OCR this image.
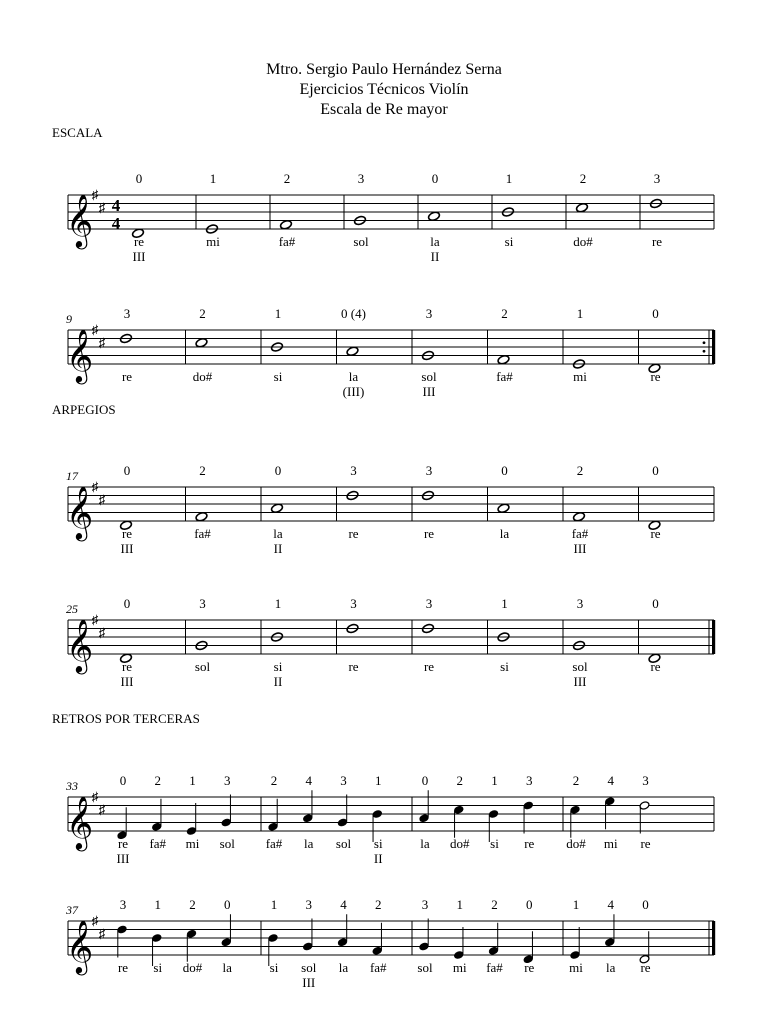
Mtro. Sergio Paulo Hernández Serna
Ejercicios Técnicos Violín
Escala de Re mayor
ESCALA
ARPEGIOS
RETROS POR TERCERAS
𝄞
♯
♯ 4
4
0
re
III
1
mi
2
fa#
3
sol
0
la
II
1
si
2
do#
3
re
𝄞
♯
♯
9	3
re
2
do#
1
si
0 (4)
la
(III)
3
sol
III
2
fa#
1
mi
0
re
𝄞
♯
♯
17	0
re
III
2
fa#
0
la
II
3
re
3
re
0
la
2
fa#
III
0
re
𝄞
♯
♯
25	0
re
III
3
sol
1
si
II
3
re
3
re
1
si
3
sol
III
0
re
𝄞
♯
♯
33	0
re
III
2
fa#
1
mi
3
sol
2
fa#
4
la
3
sol
1
si
II
0
la
2
do#
1
si
3
re
2
do#
4
mi
3
re
𝄞
♯
♯
37	3
re
1
si
2
do#
0
la
1
si
3
sol
III
4
la
2
fa#
3
sol
1
mi
2
fa#
0
re
1
mi
4
la
0
re
